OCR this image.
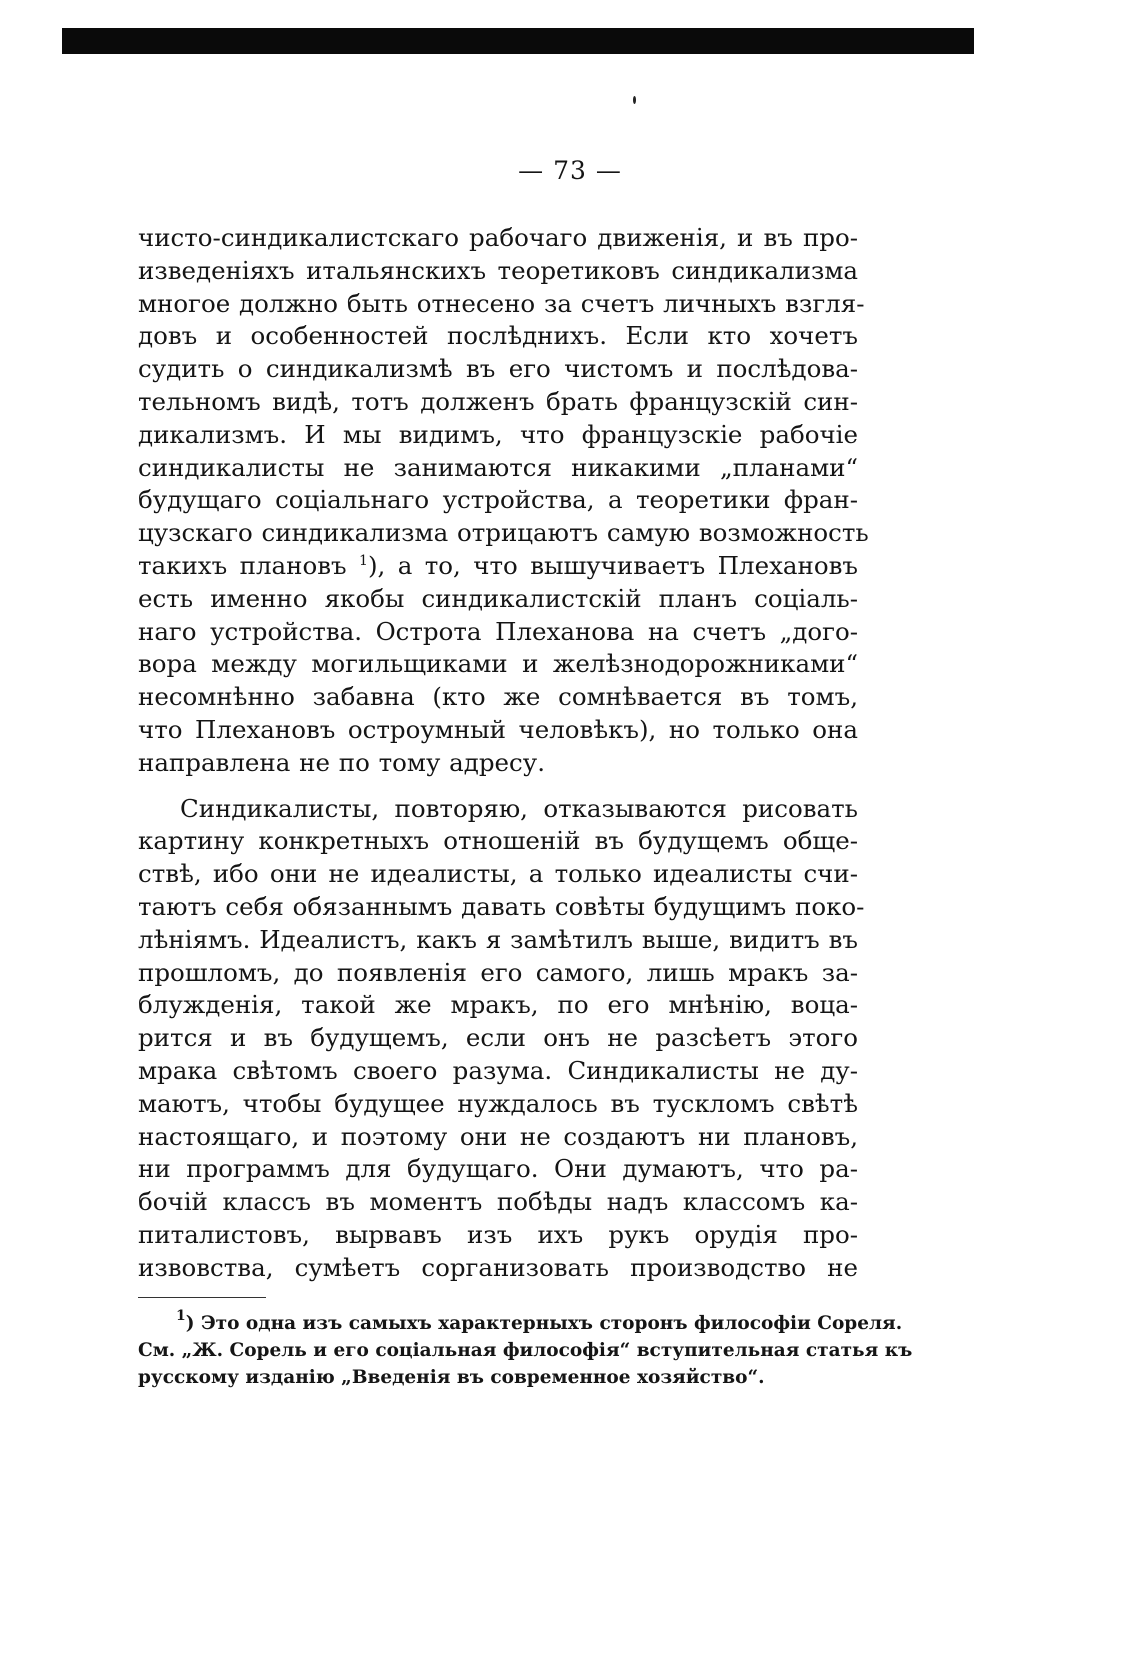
— 73 —
чисто-синдикалистскаго рабочаго движенія, и въ про-
изведеніяхъ итальянскихъ теоретиковъ синдикализма
многое должно быть отнесено за счетъ личныхъ взгля-
довъ и особенностей послѣднихъ. Если кто хочетъ
судить о синдикализмѣ въ его чистомъ и послѣдова-
тельномъ видѣ, тотъ долженъ брать французскій син-
дикализмъ. И мы видимъ, что французскіе рабочіе
синдикалисты не занимаются никакими „планами“
будущаго соціальнаго устройства, а теоретики фран-
цузскаго синдикализма отрицаютъ самую возможность
такихъ плановъ $^1$), а то, что вышучиваетъ Плехановъ
есть именно якобы синдикалистскій планъ соціаль-
наго устройства. Острота Плеханова на счетъ „дого-
вора между могильщиками и желѣзнодорожниками“
несомнѣнно забавна (кто же сомнѣвается въ томъ,
что Плехановъ остроумный человѣкъ), но только она
направлена не по тому адресу.
Синдикалисты, повторяю, отказываются рисовать
картину конкретныхъ отношеній въ будущемъ обще-
ствѣ, ибо они не идеалисты, а только идеалисты счи-
таютъ себя обязаннымъ давать совѣты будущимъ поко-
лѣніямъ. Идеалистъ, какъ я замѣтилъ выше, видитъ въ
прошломъ, до появленія его самого, лишь мракъ за-
блужденія, такой же мракъ, по его мнѣнію, воца-
рится и въ будущемъ, если онъ не разсѣетъ этого
мрака свѣтомъ своего разума. Синдикалисты не ду-
маютъ, чтобы будущее нуждалось въ тускломъ свѣтѣ
настоящаго, и поэтому они не создаютъ ни плановъ,
ни программъ для будущаго. Они думаютъ, что ра-
бочій классъ въ моментъ побѣды надъ классомъ ка-
питалистовъ, вырвавъ изъ ихъ рукъ орудія про-
извовства, сумѣетъ сорганизовать производство не
$^1$) Это одна изъ самыхъ характерныхъ сторонъ философіи Сореля.
См. „Ж. Сорель и его соціальная философія“ вступительная статья къ
русскому изданію „Введенія въ современное хозяйство“.
